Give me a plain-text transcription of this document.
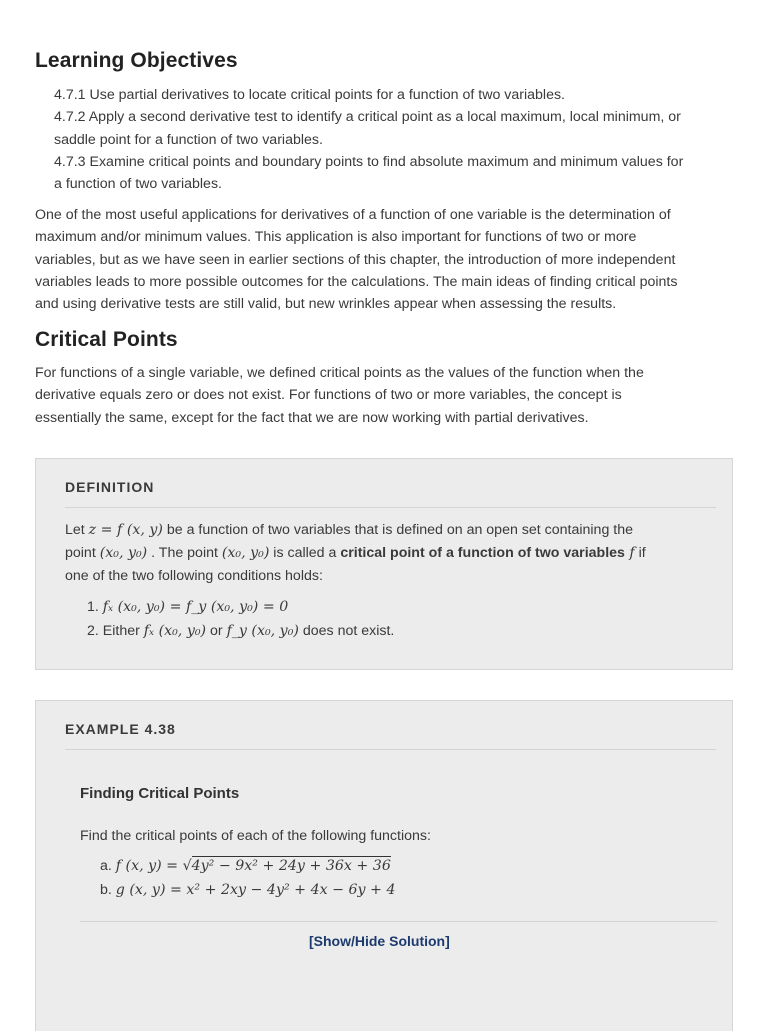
Learning Objectives
4.7.1 Use partial derivatives to locate critical points for a function of two variables.
4.7.2 Apply a second derivative test to identify a critical point as a local maximum, local minimum, or
saddle point for a function of two variables.
4.7.3 Examine critical points and boundary points to find absolute maximum and minimum values for
a function of two variables.
One of the most useful applications for derivatives of a function of one variable is the determination of
maximum and/or minimum values. This application is also important for functions of two or more
variables, but as we have seen in earlier sections of this chapter, the introduction of more independent
variables leads to more possible outcomes for the calculations. The main ideas of finding critical points
and using derivative tests are still valid, but new wrinkles appear when assessing the results.
Critical Points
For functions of a single variable, we defined critical points as the values of the function when the
derivative equals zero or does not exist. For functions of two or more variables, the concept is
essentially the same, except for the fact that we are now working with partial derivatives.
DEFINITION
Let z = f (x, y) be a function of two variables that is defined on an open set containing the
point (x₀, y₀) . The point (x₀, y₀) is called a critical point of a function of two variables f if
one of the two following conditions holds:
1. fₓ (x₀, y₀) = f_y (x₀, y₀) = 0
2. Either fₓ (x₀, y₀) or f_y (x₀, y₀) does not exist.
EXAMPLE 4.38
Finding Critical Points
Find the critical points of each of the following functions:
a. f (x, y) = √4y² − 9x² + 24y + 36x + 36
b. g (x, y) = x² + 2xy − 4y² + 4x − 6y + 4
[Show/Hide Solution]
